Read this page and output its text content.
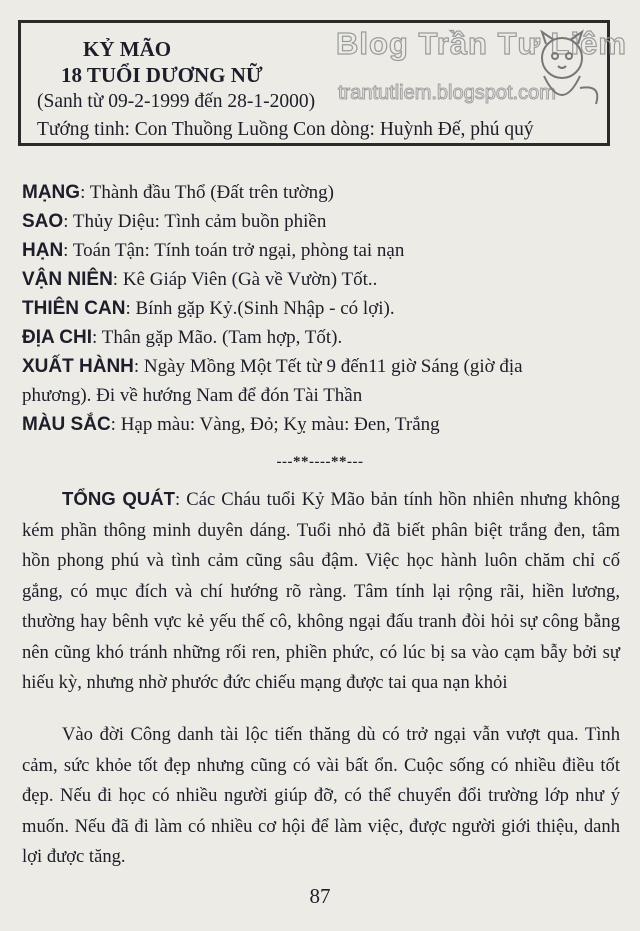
KỶ MÃO
18 TUỔI DƯƠNG NỮ
(Sanh từ 09-2-1999 đến 28-1-2000)
Tướng tinh: Con Thuồng Luồng Con dòng: Huỳnh Đế, phú quý
Blog Trần Tư Liêm
trantutliem.blogspot.com
MẠNG: Thành đầu Thổ (Đất trên tường)
SAO: Thủy Diệu: Tình cảm buồn phiền
HẠN: Toán Tận: Tính toán trở ngại, phòng tai nạn
VẬN NIÊN: Kê Giáp Viên (Gà về Vườn) Tốt..
THIÊN CAN: Bính gặp Kỷ.(Sinh Nhập - có lợi).
ĐỊA CHI: Thân gặp Mão. (Tam hợp, Tốt).
XUẤT HÀNH: Ngày Mồng Một Tết từ 9 đến11 giờ Sáng (giờ địa
phương). Đi về hướng Nam để đón Tài Thần
MÀU SẮC: Hạp màu: Vàng, Đỏ; Kỵ màu: Đen, Trắng
---**----**---
TỔNG QUÁT: Các Cháu tuổi Kỷ Mão bản tính hồn nhiên nhưng không kém phần thông minh duyên dáng. Tuổi nhỏ đã biết phân biệt trắng đen, tâm hồn phong phú và tình cảm cũng sâu đậm. Việc học hành luôn chăm chỉ cố gắng, có mục đích và chí hướng rõ ràng. Tâm tính lại rộng rãi, hiền lương, thường hay bênh vực kẻ yếu thế cô, không ngại đấu tranh đòi hỏi sự công bằng nên cũng khó tránh những rối ren, phiền phức, có lúc bị sa vào cạm bẫy bởi sự hiếu kỳ, nhưng nhờ phước đức chiếu mạng được tai qua nạn khỏi
Vào đời Công danh tài lộc tiến thăng dù có trở ngại vẫn vượt qua. Tình cảm, sức khỏe tốt đẹp nhưng cũng có vài bất ổn. Cuộc sống có nhiều điều tốt đẹp. Nếu đi học có nhiều người giúp đỡ, có thể chuyển đổi trường lớp như ý muốn. Nếu đã đi làm có nhiều cơ hội để làm việc, được người giới thiệu, danh lợi được tăng.
87
